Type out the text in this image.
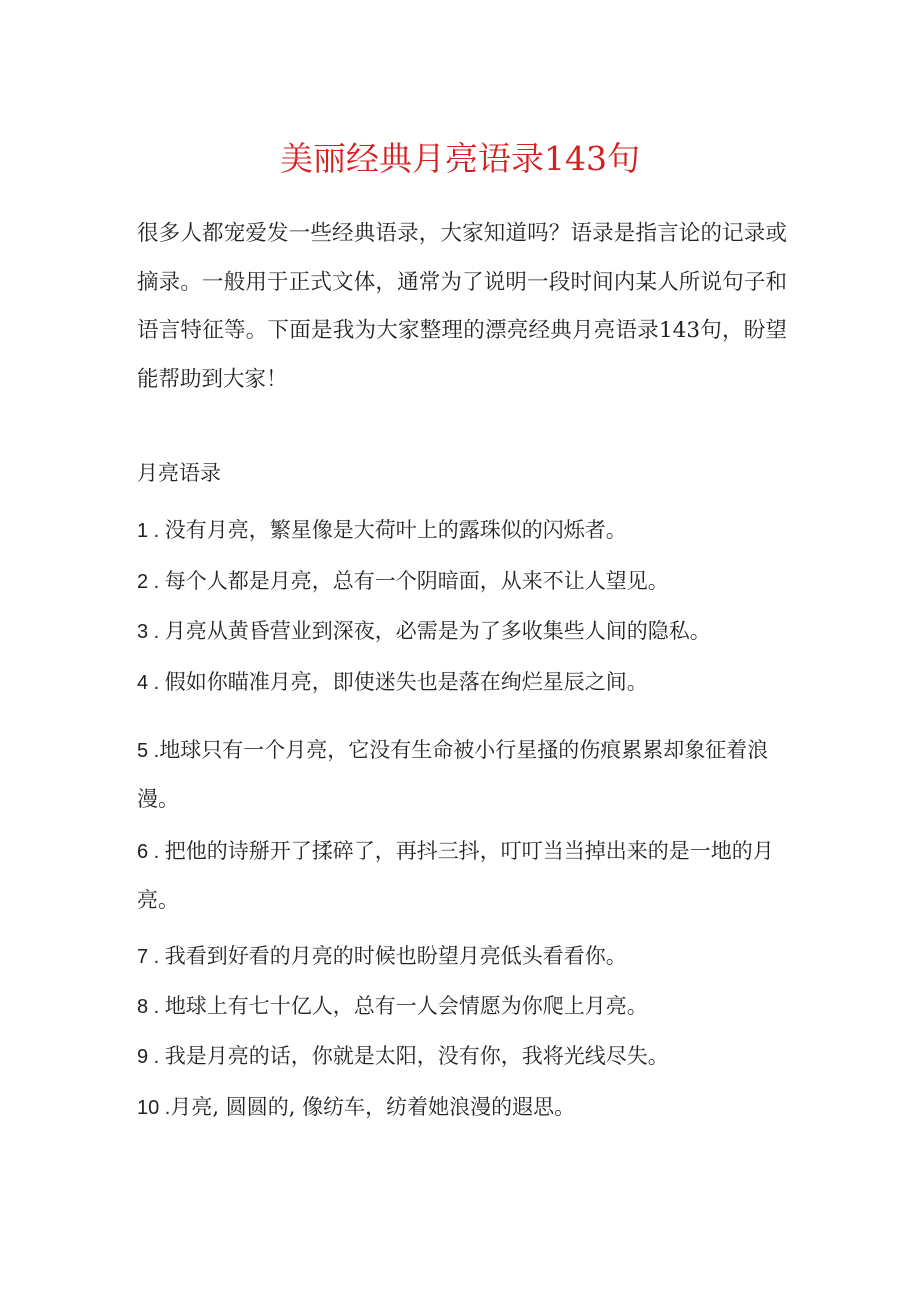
美丽经典月亮语录143句
很多人都宠爱发一些经典语录，大家知道吗？语录是指言论的记录或摘录。一般用于正式文体，通常为了说明一段时间内某人所说句子和语言特征等。下面是我为大家整理的漂亮经典月亮语录143句，盼望能帮助到大家！
月亮语录
1 . 没有月亮，繁星像是大荷叶上的露珠似的闪烁者。
2 . 每个人都是月亮，总有一个阴暗面，从来不让人望见。
3 . 月亮从黄昏营业到深夜，必需是为了多收集些人间的隐私。
4 . 假如你瞄准月亮，即使迷失也是落在绚烂星辰之间。
5 .地球只有一个月亮，它没有生命被小行星搔的伤痕累累却象征着浪漫。
6 . 把他的诗掰开了揉碎了，再抖三抖，叮叮当当掉出来的是一地的月亮。
7 . 我看到好看的月亮的时候也盼望月亮低头看看你。
8 . 地球上有七十亿人，总有一人会情愿为你爬上月亮。
9 . 我是月亮的话，你就是太阳，没有你，我将光线尽失。
10 .月亮, 圆圆的, 像纺车，纺着她浪漫的遐思。
